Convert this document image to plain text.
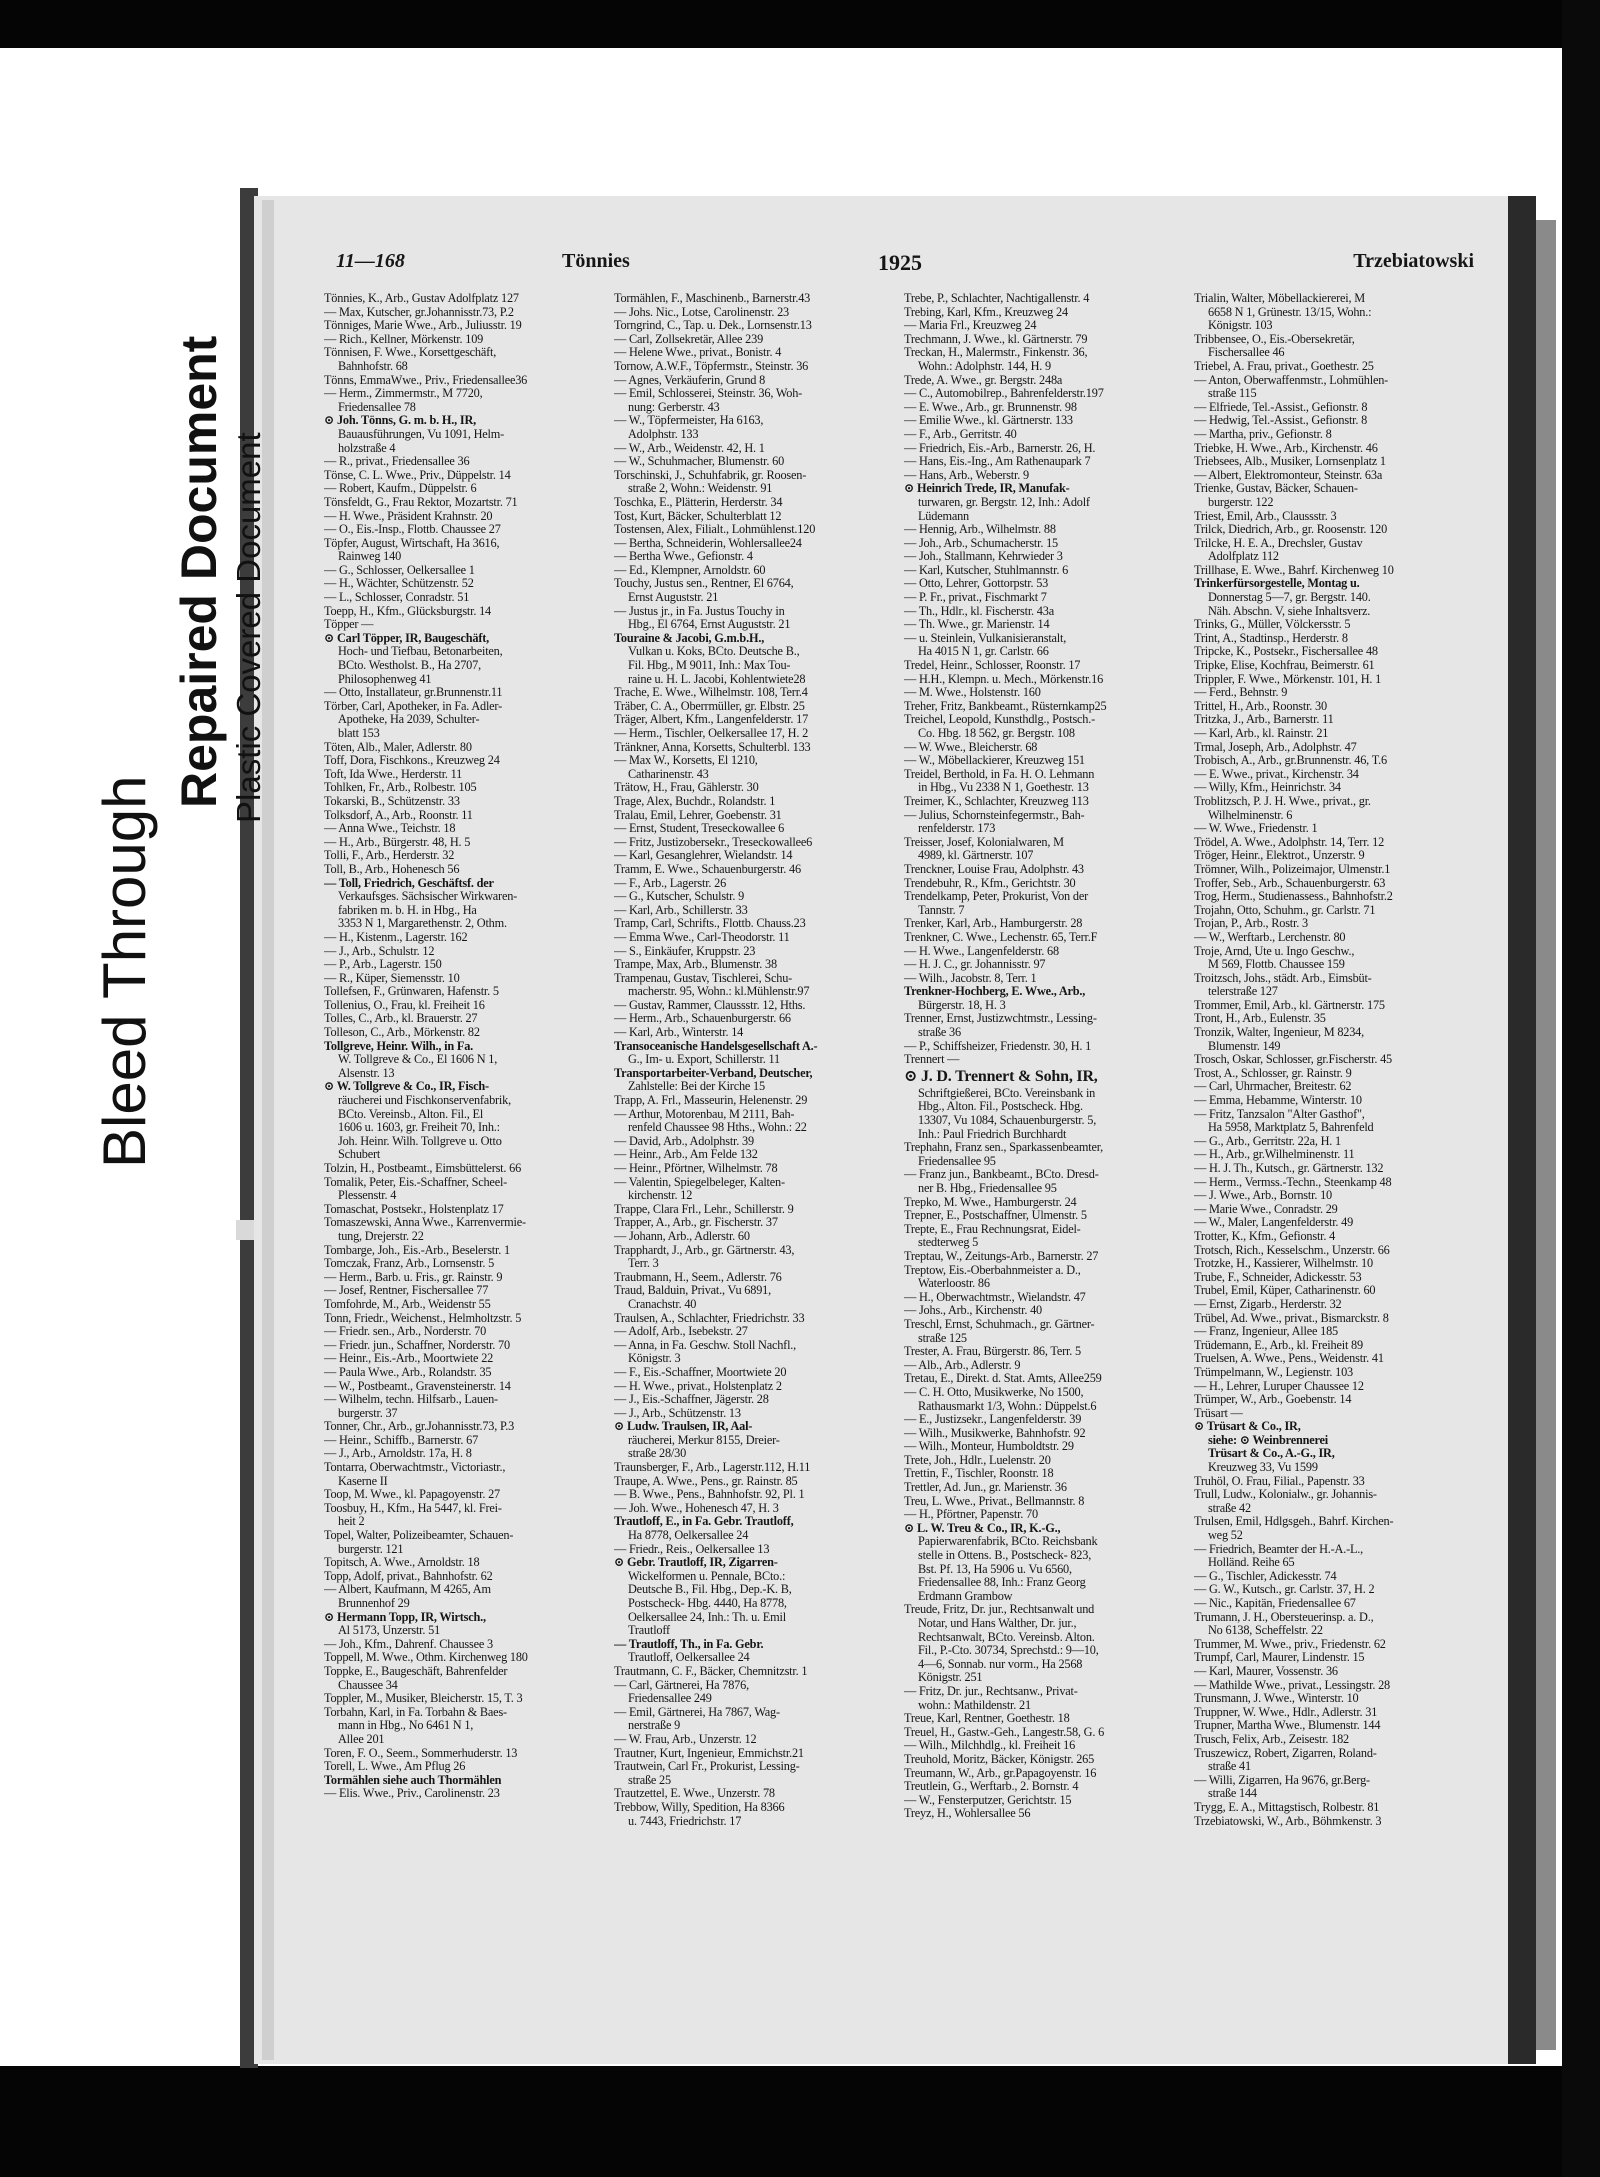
Bleed Through
Repaired Document Plastic Covered Document
11—168	Tönnies	1925	Trzebiatowski
Tönnies, K., Arb., Gustav Adolfplatz 127
— Max, Kutscher, gr.Johannisstr.73, P.2
Tönniges, Marie Wwe., Arb., Juliusstr. 19
— Rich., Kellner, Mörkenstr. 109
Tönnisen, F. Wwe., Korsettgeschäft,
Bahnhofstr. 68
Tönns, EmmaWwe., Priv., Friedensallee36
— Herm., Zimmermstr., M 7720,
Friedensallee 78
⊙ Joh. Tönns, G. m. b. H., IR,
Bauausführungen, Vu 1091, Helm-
holzstraße 4
— R., privat., Friedensallee 36
Tönse, C. L. Wwe., Priv., Düppelstr. 14
— Robert, Kaufm., Düppelstr. 6
Tönsfeldt, G., Frau Rektor, Mozartstr. 71
— H. Wwe., Präsident Krahnstr. 20
— O., Eis.-Insp., Flottb. Chaussee 27
Töpfer, August, Wirtschaft, Ha 3616,
Rainweg 140
— G., Schlosser, Oelkersallee 1
— H., Wächter, Schützenstr. 52
— L., Schlosser, Conradstr. 51
Toepp, H., Kfm., Glücksburgstr. 14
Töpper —
⊙ Carl Töpper, IR, Baugeschäft,
Hoch- und Tiefbau, Betonarbeiten,
BCto. Westholst. B., Ha 2707,
Philosophenweg 41
— Otto, Installateur, gr.Brunnenstr.11
Törber, Carl, Apotheker, in Fa. Adler-
Apotheke, Ha 2039, Schulter-
blatt 153
Töten, Alb., Maler, Adlerstr. 80
Toff, Dora, Fischkons., Kreuzweg 24
Toft, Ida Wwe., Herderstr. 11
Tohlken, Fr., Arb., Rolbestr. 105
Tokarski, B., Schützenstr. 33
Tolksdorf, A., Arb., Roonstr. 11
— Anna Wwe., Teichstr. 18
— H., Arb., Bürgerstr. 48, H. 5
Tolli, F., Arb., Herderstr. 32
Toll, B., Arb., Hohenesch 56
— Toll, Friedrich, Geschäftsf. der
Verkaufsges. Sächsischer Wirkwaren-
fabriken m. b. H. in Hbg., Ha
3353 N 1, Margarethenstr. 2, Othm.
— H., Kistenm., Lagerstr. 162
— J., Arb., Schulstr. 12
— P., Arb., Lagerstr. 150
— R., Küper, Siemensstr. 10
Tollefsen, F., Grünwaren, Hafenstr. 5
Tollenius, O., Frau, kl. Freiheit 16
Tolles, C., Arb., kl. Brauerstr. 27
Tolleson, C., Arb., Mörkenstr. 82
Tollgreve, Heinr. Wilh., in Fa.
W. Tollgreve & Co., El 1606 N 1,
Alsenstr. 13
⊙ W. Tollgreve & Co., IR, Fisch-
räucherei und Fischkonservenfabrik,
BCto. Vereinsb., Alton. Fil., El
1606 u. 1603, gr. Freiheit 70, Inh.:
Joh. Heinr. Wilh. Tollgreve u. Otto
Schubert
Tolzin, H., Postbeamt., Eimsbüttelerst. 66
Tomalik, Peter, Eis.-Schaffner, Scheel-
Plessenstr. 4
Tomaschat, Postsekr., Holstenplatz 17
Tomaszewski, Anna Wwe., Karrenvermie-
tung, Drejerstr. 22
Tombarge, Joh., Eis.-Arb., Beselerstr. 1
Tomczak, Franz, Arb., Lornsenstr. 5
— Herm., Barb. u. Fris., gr. Rainstr. 9
— Josef, Rentner, Fischersallee 77
Tomfohrde, M., Arb., Weidenstr 55
Tonn, Friedr., Weichenst., Helmholtzstr. 5
— Friedr. sen., Arb., Norderstr. 70
— Friedr. jun., Schaffner, Norderstr. 70
— Heinr., Eis.-Arb., Moortwiete 22
— Paula Wwe., Arb., Rolandstr. 35
— W., Postbeamt., Gravensteinerstr. 14
— Wilhelm, techn. Hilfsarb., Lauen-
burgerstr. 37
Tonner, Chr., Arb., gr.Johannisstr.73, P.3
— Heinr., Schiffb., Barnerstr. 67
— J., Arb., Arnoldstr. 17a, H. 8
Tontarra, Oberwachtmstr., Victoriastr.,
Kaserne II
Toop, M. Wwe., kl. Papagoyenstr. 27
Toosbuy, H., Kfm., Ha 5447, kl. Frei-
heit 2
Topel, Walter, Polizeibeamter, Schauen-
burgerstr. 121
Topitsch, A. Wwe., Arnoldstr. 18
Topp, Adolf, privat., Bahnhofstr. 62
— Albert, Kaufmann, M 4265, Am
Brunnenhof 29
⊙ Hermann Topp, IR, Wirtsch.,
Al 5173, Unzerstr. 51
— Joh., Kfm., Dahrenf. Chaussee 3
Toppell, M. Wwe., Othm. Kirchenweg 180
Toppke, E., Baugeschäft, Bahrenfelder
Chaussee 34
Toppler, M., Musiker, Bleicherstr. 15, T. 3
Torbahn, Karl, in Fa. Torbahn & Baes-
mann in Hbg., No 6461 N 1,
Allee 201
Toren, F. O., Seem., Sommerhuderstr. 13
Torell, L. Wwe., Am Pflug 26
Tormählen siehe auch Thormählen
— Elis. Wwe., Priv., Carolinenstr. 23
Tormählen, F., Maschinenb., Barnerstr.43
— Johs. Nic., Lotse, Carolinenstr. 23
Torngrind, C., Tap. u. Dek., Lornsenstr.13
— Carl, Zollsekretär, Allee 239
— Helene Wwe., privat., Bonistr. 4
Tornow, A.W.F., Töpfermstr., Steinstr. 36
— Agnes, Verkäuferin, Grund 8
— Emil, Schlosserei, Steinstr. 36, Woh-
nung: Gerberstr. 43
— W., Töpfermeister, Ha 6163,
Adolphstr. 133
— W., Arb., Weidenstr. 42, H. 1
— W., Schuhmacher, Blumenstr. 60
Torschinski, J., Schuhfabrik, gr. Roosen-
straße 2, Wohn.: Weidenstr. 91
Toschka, E., Plätterin, Herderstr. 34
Tost, Kurt, Bäcker, Schulterblatt 12
Tostensen, Alex, Filialt., Lohmühlenst.120
— Bertha, Schneiderin, Wohlersallee24
— Bertha Wwe., Gefionstr. 4
— Ed., Klempner, Arnoldstr. 60
Touchy, Justus sen., Rentner, El 6764,
Ernst Auguststr. 21
— Justus jr., in Fa. Justus Touchy in
Hbg., El 6764, Ernst Auguststr. 21
Touraine & Jacobi, G.m.b.H.,
Vulkan u. Koks, BCto. Deutsche B.,
Fil. Hbg., M 9011, Inh.: Max Tou-
raine u. H. L. Jacobi, Kohlentwiete28
Trache, E. Wwe., Wilhelmstr. 108, Terr.4
Träber, C. A., Oberrmüller, gr. Elbstr. 25
Träger, Albert, Kfm., Langenfelderstr. 17
— Herm., Tischler, Oelkersallee 17, H. 2
Tränkner, Anna, Korsetts, Schulterbl. 133
— Max W., Korsetts, El 1210,
Catharinenstr. 43
Trätow, H., Frau, Gählerstr. 30
Trage, Alex, Buchdr., Rolandstr. 1
Tralau, Emil, Lehrer, Goebenstr. 31
— Ernst, Student, Treseckowallee 6
— Fritz, Justizobersekr., Treseckowallee6
— Karl, Gesanglehrer, Wielandstr. 14
Tramm, E. Wwe., Schauenburgerstr. 46
— F., Arb., Lagerstr. 26
— G., Kutscher, Schulstr. 9
— Karl, Arb., Schillerstr. 33
Tramp, Carl, Schrifts., Flottb. Chauss.23
— Emma Wwe., Carl-Theodorstr. 11
— S., Einkäufer, Kruppstr. 23
Trampe, Max, Arb., Blumenstr. 38
Trampenau, Gustav, Tischlerei, Schu-
macherstr. 95, Wohn.: kl.Mühlenstr.97
— Gustav, Rammer, Claussstr. 12, Hths.
— Herm., Arb., Schauenburgerstr. 66
— Karl, Arb., Winterstr. 14
Transoceanische Handelsgesellschaft A.-
G., Im- u. Export, Schillerstr. 11
Transportarbeiter-Verband, Deutscher,
Zahlstelle: Bei der Kirche 15
Trapp, A. Frl., Masseurin, Helenenstr. 29
— Arthur, Motorenbau, M 2111, Bah-
renfeld Chaussee 98 Hths., Wohn.: 22
— David, Arb., Adolphstr. 39
— Heinr., Arb., Am Felde 132
— Heinr., Pförtner, Wilhelmstr. 78
— Valentin, Spiegelbeleger, Kalten-
kirchenstr. 12
Trappe, Clara Frl., Lehr., Schillerstr. 9
Trapper, A., Arb., gr. Fischerstr. 37
— Johann, Arb., Adlerstr. 60
Trapphardt, J., Arb., gr. Gärtnerstr. 43,
Terr. 3
Traubmann, H., Seem., Adlerstr. 76
Traud, Balduin, Privat., Vu 6891,
Cranachstr. 40
Traulsen, A., Schlachter, Friedrichstr. 33
— Adolf, Arb., Isebekstr. 27
— Anna, in Fa. Geschw. Stoll Nachfl.,
Königstr. 3
— F., Eis.-Schaffner, Moortwiete 20
— H. Wwe., privat., Holstenplatz 2
— J., Eis.-Schaffner, Jägerstr. 28
— J., Arb., Schützenstr. 13
⊙ Ludw. Traulsen, IR, Aal-
räucherei, Merkur 8155, Dreier-
straße 28/30
Traunsberger, F., Arb., Lagerstr.112, H.11
Traupe, A. Wwe., Pens., gr. Rainstr. 85
— B. Wwe., Pens., Bahnhofstr. 92, Pl. 1
— Joh. Wwe., Hohenesch 47, H. 3
Trautloff, E., in Fa. Gebr. Trautloff,
Ha 8778, Oelkersallee 24
— Friedr., Reis., Oelkersallee 13
⊙ Gebr. Trautloff, IR, Zigarren-
Wickelformen u. Pennale, BCto.:
Deutsche B., Fil. Hbg., Dep.-K. B,
Postscheck- Hbg. 4440, Ha 8778,
Oelkersallee 24, Inh.: Th. u. Emil
Trautloff
— Trautloff, Th., in Fa. Gebr.
Trautloff, Oelkersallee 24
Trautmann, C. F., Bäcker, Chemnitzstr. 1
— Carl, Gärtnerei, Ha 7876,
Friedensallee 249
— Emil, Gärtnerei, Ha 7867, Wag-
nerstraße 9
— W. Frau, Arb., Unzerstr. 12
Trautner, Kurt, Ingenieur, Emmichstr.21
Trautwein, Carl Fr., Prokurist, Lessing-
straße 25
Trautzettel, E. Wwe., Unzerstr. 78
Trebbow, Willy, Spedition, Ha 8366
u. 7443, Friedrichstr. 17
Trebe, P., Schlachter, Nachtigallenstr. 4
Trebing, Karl, Kfm., Kreuzweg 24
— Maria Frl., Kreuzweg 24
Trechmann, J. Wwe., kl. Gärtnerstr. 79
Treckan, H., Malermstr., Finkenstr. 36,
Wohn.: Adolphstr. 144, H. 9
Trede, A. Wwe., gr. Bergstr. 248a
— C., Automobilrep., Bahrenfelderstr.197
— E. Wwe., Arb., gr. Brunnenstr. 98
— Emilie Wwe., kl. Gärtnerstr. 133
— F., Arb., Gerritstr. 40
— Friedrich, Eis.-Arb., Barnerstr. 26, H.
— Hans, Eis.-Ing., Am Rathenaupark 7
— Hans, Arb., Weberstr. 9
⊙ Heinrich Trede, IR, Manufak-
turwaren, gr. Bergstr. 12, Inh.: Adolf
Lüdemann
— Hennig, Arb., Wilhelmstr. 88
— Joh., Arb., Schumacherstr. 15
— Joh., Stallmann, Kehrwieder 3
— Karl, Kutscher, Stuhlmannstr. 6
— Otto, Lehrer, Gottorpstr. 53
— P. Fr., privat., Fischmarkt 7
— Th., Hdlr., kl. Fischerstr. 43a
— Th. Wwe., gr. Marienstr. 14
— u. Steinlein, Vulkanisieranstalt,
Ha 4015 N 1, gr. Carlstr. 66
Tredel, Heinr., Schlosser, Roonstr. 17
— H.H., Klempn. u. Mech., Mörkenstr.16
— M. Wwe., Holstenstr. 160
Treher, Fritz, Bankbeamt., Rüsternkamp25
Treichel, Leopold, Kunsthdlg., Postsch.-
Co. Hbg. 18 562, gr. Bergstr. 108
— W. Wwe., Bleicherstr. 68
— W., Möbellackierer, Kreuzweg 151
Treidel, Berthold, in Fa. H. O. Lehmann
in Hbg., Vu 2338 N 1, Goethestr. 13
Treimer, K., Schlachter, Kreuzweg 113
— Julius, Schornsteinfegermstr., Bah-
renfelderstr. 173
Treisser, Josef, Kolonialwaren, M
4989, kl. Gärtnerstr. 107
Trenckner, Louise Frau, Adolphstr. 43
Trendebuhr, R., Kfm., Gerichtstr. 30
Trendelkamp, Peter, Prokurist, Von der
Tannstr. 7
Trenker, Karl, Arb., Hamburgerstr. 28
Trenkner, C. Wwe., Lechenstr. 65, Terr.F
— H. Wwe., Langenfelderstr. 68
— H. J. C., gr. Johannisstr. 97
— Wilh., Jacobstr. 8, Terr. 1
Trenkner-Hochberg, E. Wwe., Arb.,
Bürgerstr. 18, H. 3
Trenner, Ernst, Justizwchtmstr., Lessing-
straße 36
— P., Schiffsheizer, Friedenstr. 30, H. 1
Trennert —
⊙ J. D. Trennert & Sohn, IR,
Schriftgießerei, BCto. Vereinsbank in
Hbg., Alton. Fil., Postscheck. Hbg.
13307, Vu 1084, Schauenburgerstr. 5,
Inh.: Paul Friedrich Burchhardt
Trephahn, Franz sen., Sparkassenbeamter,
Friedensallee 95
— Franz jun., Bankbeamt., BCto. Dresd-
ner B. Hbg., Friedensallee 95
Trepko, M. Wwe., Hamburgerstr. 24
Trepner, E., Postschaffner, Ulmenstr. 5
Trepte, E., Frau Rechnungsrat, Eidel-
stedterweg 5
Treptau, W., Zeitungs-Arb., Barnerstr. 27
Treptow, Eis.-Oberbahnmeister a. D.,
Waterloostr. 86
— H., Oberwachtmstr., Wielandstr. 47
— Johs., Arb., Kirchenstr. 40
Treschl, Ernst, Schuhmach., gr. Gärtner-
straße 125
Trester, A. Frau, Bürgerstr. 86, Terr. 5
— Alb., Arb., Adlerstr. 9
Tretau, E., Direkt. d. Stat. Amts, Allee259
— C. H. Otto, Musikwerke, No 1500,
Rathausmarkt 1/3, Wohn.: Düppelst.6
— E., Justizsekr., Langenfelderstr. 39
— Wilh., Musikwerke, Bahnhofstr. 92
— Wilh., Monteur, Humboldtstr. 29
Trete, Joh., Hdlr., Luelenstr. 20
Trettin, F., Tischler, Roonstr. 18
Trettler, Ad. Jun., gr. Marienstr. 36
Treu, L. Wwe., Privat., Bellmannstr. 8
— H., Pförtner, Papenstr. 70
⊙ L. W. Treu & Co., IR, K.-G.,
Papierwarenfabrik, BCto. Reichsbank
stelle in Ottens. B., Postscheck- 823,
Bst. Pf. 13, Ha 5906 u. Vu 6560,
Friedensallee 88, Inh.: Franz Georg
Erdmann Grambow
Treude, Fritz, Dr. jur., Rechtsanwalt und
Notar, und Hans Walther, Dr. jur.,
Rechtsanwalt, BCto. Vereinsb. Alton.
Fil., P.-Cto. 30734, Sprechstd.: 9—10,
4—6, Sonnab. nur vorm., Ha 2568
Königstr. 251
— Fritz, Dr. jur., Rechtsanw., Privat-
wohn.: Mathildenstr. 21
Treue, Karl, Rentner, Goethestr. 18
Treuel, H., Gastw.-Geh., Langestr.58, G. 6
— Wilh., Milchhdlg., kl. Freiheit 16
Treuhold, Moritz, Bäcker, Königstr. 265
Treumann, W., Arb., gr.Papagoyenstr. 16
Treutlein, G., Werftarb., 2. Bornstr. 4
— W., Fensterputzer, Gerichtstr. 15
Treyz, H., Wohlersallee 56
Trialin, Walter, Möbellackiererei, M
6658 N 1, Grünestr. 13/15, Wohn.:
Königstr. 103
Tribbensee, O., Eis.-Obersekretär,
Fischersallee 46
Triebel, A. Frau, privat., Goethestr. 25
— Anton, Oberwaffenmstr., Lohmühlen-
straße 115
— Elfriede, Tel.-Assist., Gefionstr. 8
— Hedwig, Tel.-Assist., Gefionstr. 8
— Martha, priv., Gefionstr. 8
Triebke, H. Wwe., Arb., Kirchenstr. 46
Triebsees, Alb., Musiker, Lornsenplatz 1
— Albert, Elektromonteur, Steinstr. 63a
Trienke, Gustav, Bäcker, Schauen-
burgerstr. 122
Triest, Emil, Arb., Claussstr. 3
Trilck, Diedrich, Arb., gr. Roosenstr. 120
Trilcke, H. E. A., Drechsler, Gustav
Adolfplatz 112
Trillhase, E. Wwe., Bahrf. Kirchenweg 10
Trinkerfürsorgestelle, Montag u.
Donnerstag 5—7, gr. Bergstr. 140.
Näh. Abschn. V, siehe Inhaltsverz.
Trinks, G., Müller, Völckersstr. 5
Trint, A., Stadtinsp., Herderstr. 8
Tripcke, K., Postsekr., Fischersallee 48
Tripke, Elise, Kochfrau, Beimerstr. 61
Trippler, F. Wwe., Mörkenstr. 101, H. 1
— Ferd., Behnstr. 9
Trittel, H., Arb., Roonstr. 30
Tritzka, J., Arb., Barnerstr. 11
— Karl, Arb., kl. Rainstr. 21
Trmal, Joseph, Arb., Adolphstr. 47
Trobisch, A., Arb., gr.Brunnenstr. 46, T.6
— E. Wwe., privat., Kirchenstr. 34
— Willy, Kfm., Heinrichstr. 34
Troblitzsch, P. J. H. Wwe., privat., gr.
Wilhelminenstr. 6
— W. Wwe., Friedenstr. 1
Trödel, A. Wwe., Adolphstr. 14, Terr. 12
Tröger, Heinr., Elektrot., Unzerstr. 9
Trömner, Wilh., Polizeimajor, Ulmenstr.1
Troffer, Seb., Arb., Schauenburgerstr. 63
Trog, Herm., Studienassess., Bahnhofstr.2
Trojahn, Otto, Schuhm., gr. Carlstr. 71
Trojan, P., Arb., Rostr. 3
— W., Werftarb., Lerchenstr. 80
Troje, Arnd, Ute u. Ingo Geschw.,
M 569, Flottb. Chaussee 159
Troitzsch, Johs., städt. Arb., Eimsbüt-
telerstraße 127
Trommer, Emil, Arb., kl. Gärtnerstr. 175
Tront, H., Arb., Eulenstr. 35
Tronzik, Walter, Ingenieur, M 8234,
Blumenstr. 149
Trosch, Oskar, Schlosser, gr.Fischerstr. 45
Trost, A., Schlosser, gr. Rainstr. 9
— Carl, Uhrmacher, Breitestr. 62
— Emma, Hebamme, Winterstr. 10
— Fritz, Tanzsalon "Alter Gasthof",
Ha 5958, Marktplatz 5, Bahrenfeld
— G., Arb., Gerritstr. 22a, H. 1
— H., Arb., gr.Wilhelminenstr. 11
— H. J. Th., Kutsch., gr. Gärtnerstr. 132
— Herm., Vermss.-Techn., Steenkamp 48
— J. Wwe., Arb., Bornstr. 10
— Marie Wwe., Conradstr. 29
— W., Maler, Langenfelderstr. 49
Trotter, K., Kfm., Gefionstr. 4
Trotsch, Rich., Kesselschm., Unzerstr. 66
Trotzke, H., Kassierer, Wilhelmstr. 10
Trube, F., Schneider, Adickesstr. 53
Trubel, Emil, Küper, Catharinenstr. 60
— Ernst, Zigarb., Herderstr. 32
Trübel, Ad. Wwe., privat., Bismarckstr. 8
— Franz, Ingenieur, Allee 185
Trüdemann, E., Arb., kl. Freiheit 89
Truelsen, A. Wwe., Pens., Weidenstr. 41
Trümpelmann, W., Legienstr. 103
— H., Lehrer, Luruper Chaussee 12
Trümper, W., Arb., Goebenstr. 14
Trüsart —
⊙ Trüsart & Co., IR,
siehe: ⊙ Weinbrennerei
Trüsart & Co., A.-G., IR,
Kreuzweg 33, Vu 1599
Truhöl, O. Frau, Filial., Papenstr. 33
Trull, Ludw., Kolonialw., gr. Johannis-
straße 42
Trulsen, Emil, Hdlgsgeh., Bahrf. Kirchen-
weg 52
— Friedrich, Beamter der H.-A.-L.,
Holländ. Reihe 65
— G., Tischler, Adickesstr. 74
— G. W., Kutsch., gr. Carlstr. 37, H. 2
— Nic., Kapitän, Friedensallee 67
Trumann, J. H., Obersteuerinsp. a. D.,
No 6138, Scheffelstr. 22
Trummer, M. Wwe., priv., Friedenstr. 62
Trumpf, Carl, Maurer, Lindenstr. 15
— Karl, Maurer, Vossenstr. 36
— Mathilde Wwe., privat., Lessingstr. 28
Trunsmann, J. Wwe., Winterstr. 10
Truppner, W. Wwe., Hdlr., Adlerstr. 31
Trupner, Martha Wwe., Blumenstr. 144
Trusch, Felix, Arb., Zeisestr. 182
Truszewicz, Robert, Zigarren, Roland-
straße 41
— Willi, Zigarren, Ha 9676, gr.Berg-
straße 144
Trygg, E. A., Mittagstisch, Rolbestr. 81
Trzebiatowski, W., Arb., Böhmkenstr. 3
